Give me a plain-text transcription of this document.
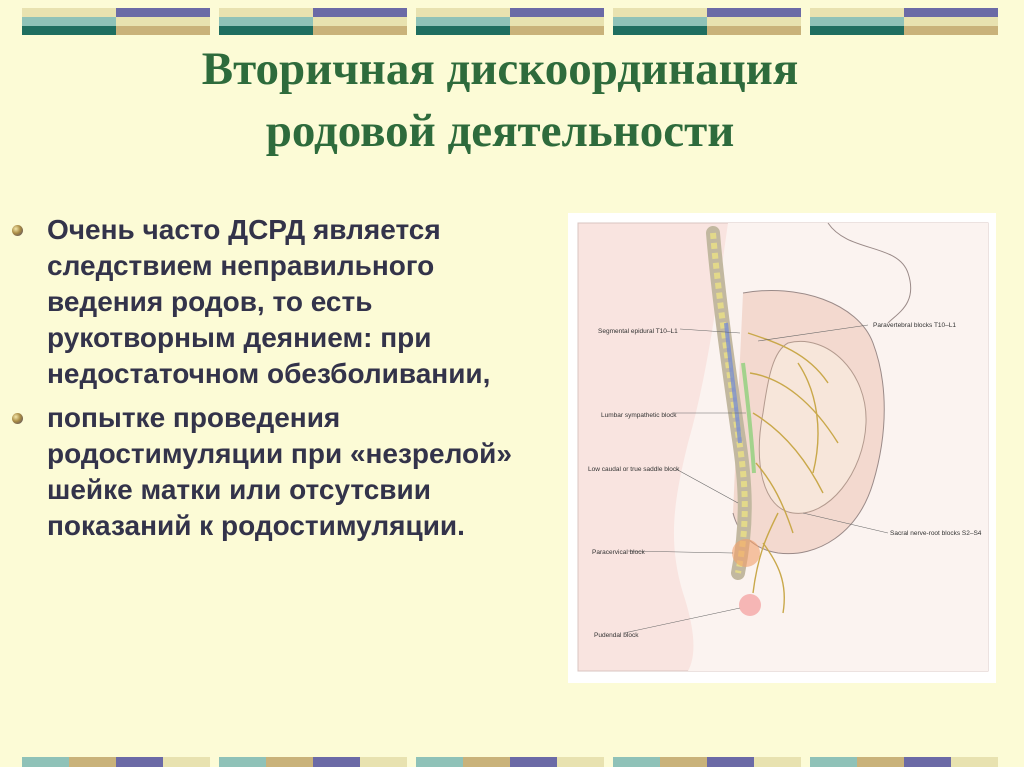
Вторичная дискоординация
родовой деятельности
Очень часто ДСРД является следствием неправильного ведения родов, то есть рукотворным деянием: при недостаточном обезболивании,
попытке проведения родостимуляции при «незрелой» шейке матки или отсутсвии показаний к родостимуляции.
Segmental epidural T10–L1
Paravertebral blocks T10–L1
Lumbar sympathetic block
Low caudal or true saddle block
Sacral nerve-root blocks S2–S4
Paracervical block
Pudendal block
